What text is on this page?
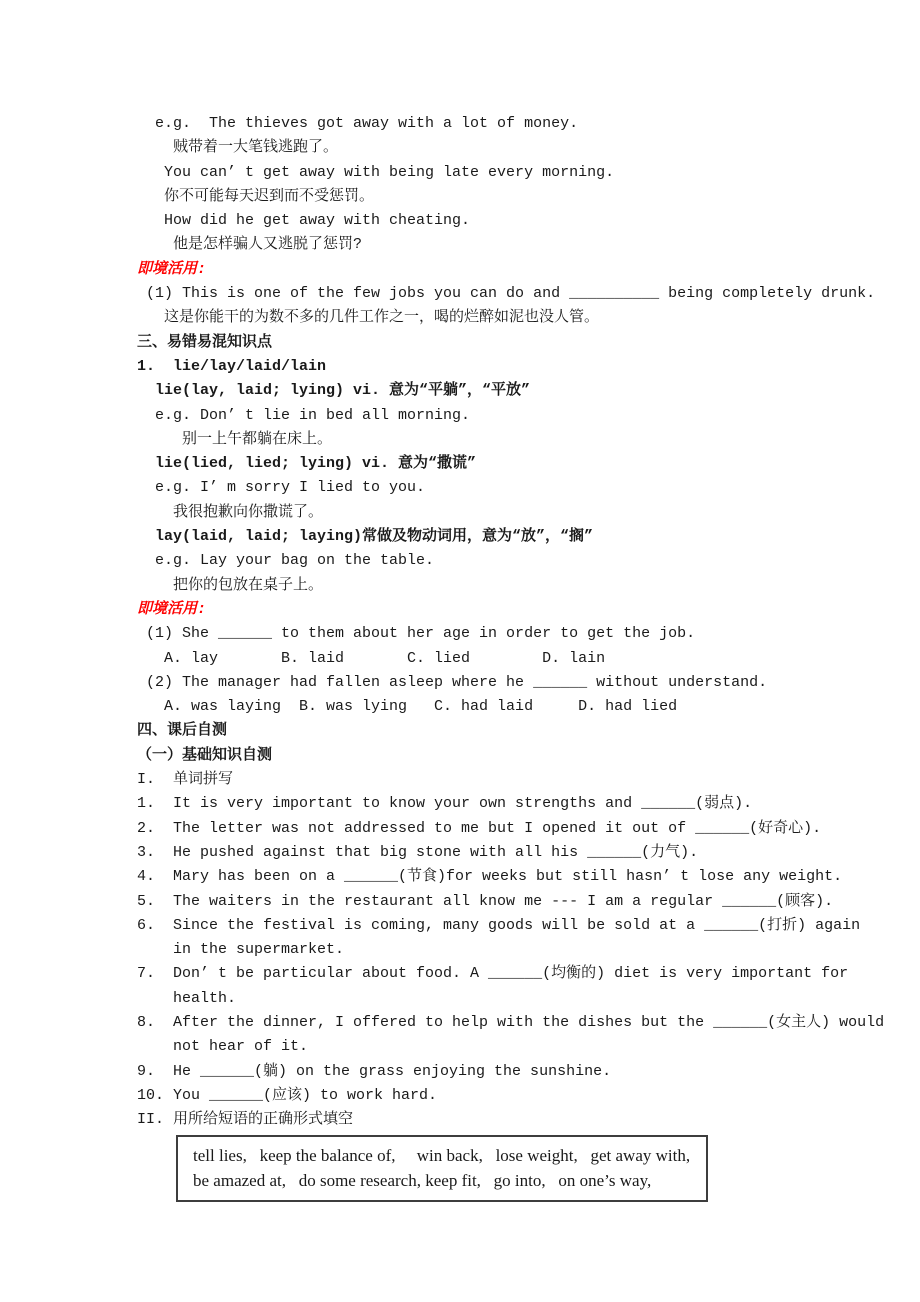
e.g.  The thieves got away with a lot of money.
贼带着一大笔钱逃跑了。
You can’ t get away with being late every morning.
你不可能每天迟到而不受惩罚。
How did he get away with cheating.
他是怎样骗人又逃脱了惩罚?
即境活用:
(1) This is one of the few jobs you can do and __________ being completely drunk.
这是你能干的为数不多的几件工作之一，喝的烂醉如泥也没人管。
三、易错易混知识点
1.  lie/lay/laid/lain
lie(lay, laid; lying) vi. 意为“平躺”，“平放”
e.g. Don’ t lie in bed all morning.
别一上午都躺在床上。
lie(lied, lied; lying) vi. 意为“撒谎”
e.g. I’ m sorry I lied to you.
我很抱歉向你撒谎了。
lay(laid, laid; laying)常做及物动词用，意为“放”，“搁”
e.g. Lay your bag on the table.
把你的包放在桌子上。
即境活用:
(1) She ______ to them about her age in order to get the job.
A. lay       B. laid       C. lied        D. lain
(2) The manager had fallen asleep where he ______ without understand.
A. was laying  B. was lying   C. had laid     D. had lied
四、课后自测
（一）基础知识自测
I.  单词拼写
1.  It is very important to know your own strengths and ______(弱点).
2.  The letter was not addressed to me but I opened it out of ______(好奇心).
3.  He pushed against that big stone with all his ______(力气).
4.  Mary has been on a ______(节食)for weeks but still hasn’ t lose any weight.
5.  The waiters in the restaurant all know me --- I am a regular ______(顾客).
6.  Since the festival is coming, many goods will be sold at a ______(打折) again
in the supermarket.
7.  Don’ t be particular about food. A ______(均衡的) diet is very important for
health.
8.  After the dinner, I offered to help with the dishes but the ______(女主人) would
not hear of it.
9.  He ______(躺) on the grass enjoying the sunshine.
10. You ______(应该) to work hard.
II. 用所给短语的正确形式填空
tell lies,   keep the balance of,     win back,   lose weight,   get away with,
be amazed at,   do some research, keep fit,   go into,   on one’s way,
